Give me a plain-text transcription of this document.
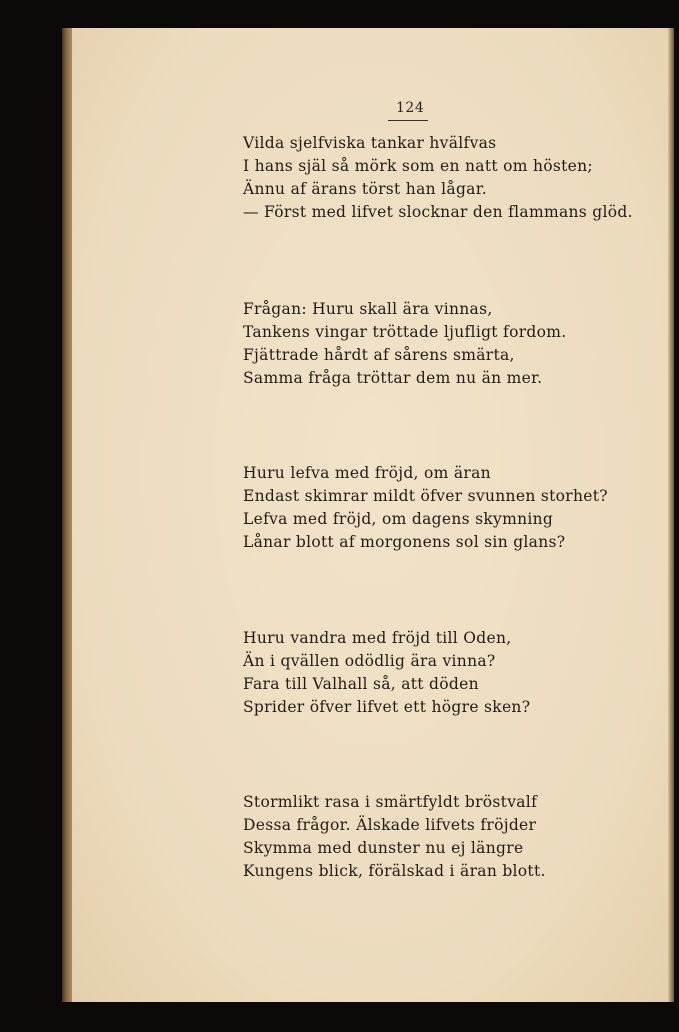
124
Vilda sjelfviska tankar hvälfvas
I hans själ så mörk som en natt om hösten;
Ännu af ärans törst han lågar.
— Först med lifvet slocknar den flammans glöd.
Frågan: Huru skall ära vinnas,
Tankens vingar tröttade ljufligt fordom.
Fjättrade hårdt af sårens smärta,
Samma fråga tröttar dem nu än mer.
Huru lefva med fröjd, om äran
Endast skimrar mildt öfver svunnen storhet?
Lefva med fröjd, om dagens skymning
Lånar blott af morgonens sol sin glans?
Huru vandra med fröjd till Oden,
Än i qvällen odödlig ära vinna?
Fara till Valhall så, att döden
Sprider öfver lifvet ett högre sken?
Stormlikt rasa i smärtfyldt bröstvalf
Dessa frågor. Älskade lifvets fröjder
Skymma med dunster nu ej längre
Kungens blick, förälskad i äran blott.
